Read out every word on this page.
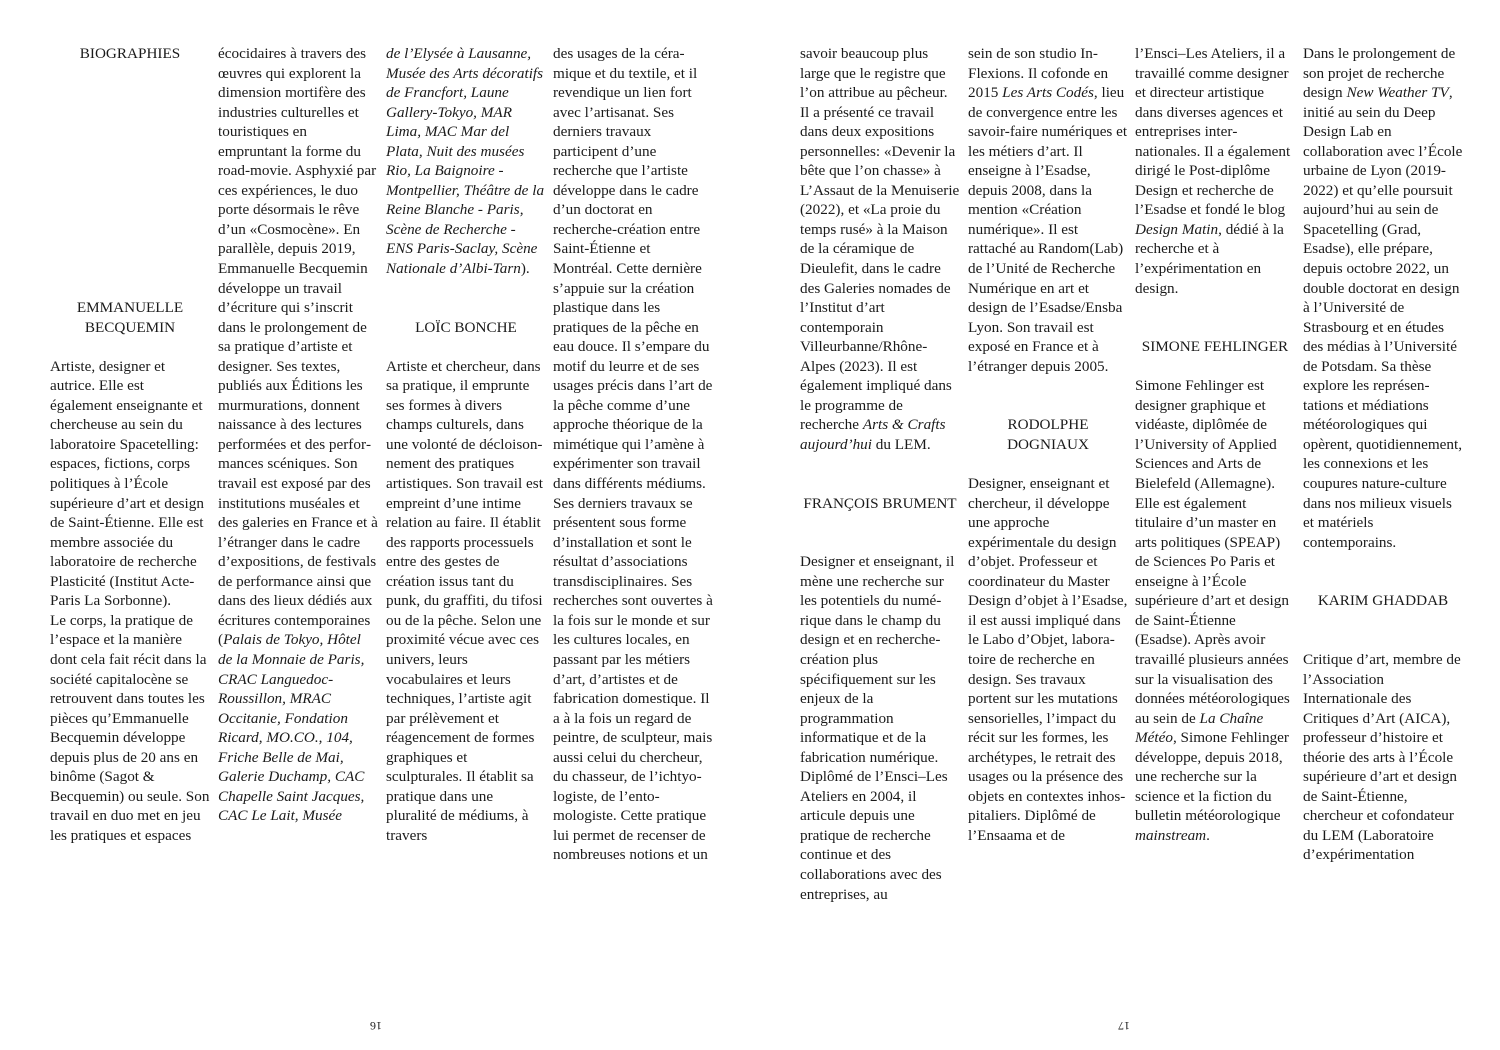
BIOGRAPHIES

EMMANUELLE BECQUEMIN

Artiste, designer et autrice. Elle est également enseignante et chercheuse au sein du laboratoire Spacetelling: espaces, fictions, corps politiques à l’École supérieure d’art et design de Saint-Étienne. Elle est membre associée du laboratoire de recherche Plasticité (Institut Acte-Paris La Sorbonne).

Le corps, la pratique de l’espace et la manière dont cela fait récit dans la société capitalocène se retrouvent dans toutes les pièces qu’Emmanuelle Becquemin développe depuis plus de 20 ans en binôme (Sagot & Becquemin) ou seule. Son travail en duo met en jeu les pratiques et espaces

écocidaires à travers des œuvres qui explorent la dimension mortifère des industries culturelles et touristiques en empruntant la forme du road-movie. Asphyxié par ces expériences, le duo porte désormais le rêve d’un «Cosmocène». En parallèle, depuis 2019, Emmanuelle Becquemin développe un travail d’écriture qui s’inscrit dans le prolongement de sa pratique d’artiste et designer. Ses textes, publiés aux Éditions les murmurations, donnent naissance à des lectures performées et des performances scéniques. Son travail est exposé par des institutions muséales et des galeries en France et à l’étranger dans le cadre d’expositions, de festivals de performance ainsi que dans des lieux dédiés aux écritures contemporaines (Palais de Tokyo, Hôtel de la Monnaie de Paris, CRAC Languedoc-Roussillon, MRAC Occitanie, Fondation Ricard, MO.CO., 104, Friche Belle de Mai, Galerie Duchamp, CAC Chapelle Saint Jacques, CAC Le Lait, Musée

de l’Elysée à Lausanne, Musée des Arts décoratifs de Francfort, Laune Gallery-Tokyo, MAR Lima, MAC Mar del Plata, Nuit des musées Rio, La Baignoire - Montpellier, Théâtre de la Reine Blanche - Paris, Scène de Recherche - ENS Paris-Saclay, Scène Nationale d’Albi-Tarn).

LOÏC BONCHE

Artiste et chercheur, dans sa pratique, il emprunte ses formes à divers champs culturels, dans une volonté de décloisonnement des pratiques artistiques. Son travail est empreint d’une intime relation au faire. Il établit des rapports processuels entre des gestes de création issus tant du punk, du graffiti, du tifosi ou de la pêche. Selon une proximité vécue avec ces univers, leurs vocabulaires et leurs techniques, l’artiste agit par prélèvement et réagencement de formes graphiques et sculpturales. Il établit sa pratique dans une pluralité de médiums, à travers

des usages de la céramique et du textile, et il revendique un lien fort avec l’artisanat. Ses derniers travaux participent d’une recherche que l’artiste développe dans le cadre d’un doctorat en recherche-création entre Saint-Étienne et Montréal. Cette dernière s’appuie sur la création plastique dans les pratiques de la pêche en eau douce. Il s’empare du motif du leurre et de ses usages précis dans l’art de la pêche comme d’une approche théorique de la mimétique qui l’amène à expérimenter son travail dans différents médiums. Ses derniers travaux se présentent sous forme d’installation et sont le résultat d’associations transdisciplinaires. Ses recherches sont ouvertes à la fois sur le monde et sur les cultures locales, en passant par les métiers d’art, d’artistes et de fabrication domestique. Il a à la fois un regard de peintre, de sculpteur, mais aussi celui du chercheur, du chasseur, de l’ichtyologiste, de l’entomologiste. Cette pratique lui permet de recenser de nombreuses notions et un

16

savoir beaucoup plus large que le registre que l’on attribue au pêcheur. Il a présenté ce travail dans deux expositions personnelles: «Devenir la bête que l’on chasse» à L’Assaut de la Menuiserie (2022), et «La proie du temps rusé» à la Maison de la céramique de Dieulefit, dans le cadre des Galeries nomades de l’Institut d’art contemporain Villeurbanne/Rhône-Alpes (2023). Il est également impliqué dans le programme de recherche Arts & Crafts aujourd’hui du LEM.

FRANÇOIS BRUMENT

Designer et enseignant, il mène une recherche sur les potentiels du numérique dans le champ du design et en recherche-création plus spécifiquement sur les enjeux de la programmation informatique et de la fabrication numérique. Diplômé de l’Ensci–Les Ateliers en 2004, il articule depuis une pratique de recherche continue et des collaborations avec des entreprises, au

sein de son studio In-Flexions. Il cofonde en 2015 Les Arts Codés, lieu de convergence entre les savoir-faire numériques et les métiers d’art. Il enseigne à l’Esadse, depuis 2008, dans la mention «Création numérique». Il est rattaché au Random(Lab) de l’Unité de Recherche Numérique en art et design de l’Esadse/Ensba Lyon. Son travail est exposé en France et à l’étranger depuis 2005.

RODOLPHE DOGNIAUX

Designer, enseignant et chercheur, il développe une approche expérimentale du design d’objet. Professeur et coordinateur du Master Design d’objet à l’Esadse, il est aussi impliqué dans le Labo d’Objet, laboratoire de recherche en design. Ses travaux portent sur les mutations sensorielles, l’impact du récit sur les formes, les archétypes, le retrait des usages ou la présence des objets en contextes inhospitaliers. Diplômé de l’Ensaama et de

l’Ensci–Les Ateliers, il a travaillé comme designer et directeur artistique dans diverses agences et entreprises internationales. Il a également dirigé le Post-diplôme Design et recherche de l’Esadse et fondé le blog Design Matin, dédié à la recherche et à l’expérimentation en design.

SIMONE FEHLINGER

Simone Fehlinger est designer graphique et vidéaste, diplômée de l’University of Applied Sciences and Arts de Bielefeld (Allemagne). Elle est également titulaire d’un master en arts politiques (SPEAP) de Sciences Po Paris et enseigne à l’École supérieure d’art et design de Saint-Étienne (Esadse). Après avoir travaillé plusieurs années sur la visualisation des données météorologiques au sein de La Chaîne Météo, Simone Fehlinger développe, depuis 2018, une recherche sur la science et la fiction du bulletin météorologique mainstream.

Dans le prolongement de son projet de recherche design New Weather TV, initié au sein du Deep Design Lab en collaboration avec l’École urbaine de Lyon (2019-2022) et qu’elle poursuit aujourd’hui au sein de Spacetelling (Grad, Esadse), elle prépare, depuis octobre 2022, un double doctorat en design à l’Université de Strasbourg et en études des médias à l’Université de Potsdam. Sa thèse explore les représentations et médiations météorologiques qui opèrent, quotidiennement, les connexions et les coupures nature-culture dans nos milieux visuels et matériels contemporains.

KARIM GHADDAB

Critique d’art, membre de l’Association Internationale des Critiques d’Art (AICA), professeur d’histoire et théorie des arts à l’École supérieure d’art et design de Saint-Étienne, chercheur et cofondateur du LEM (Laboratoire d’expérimentation

17
